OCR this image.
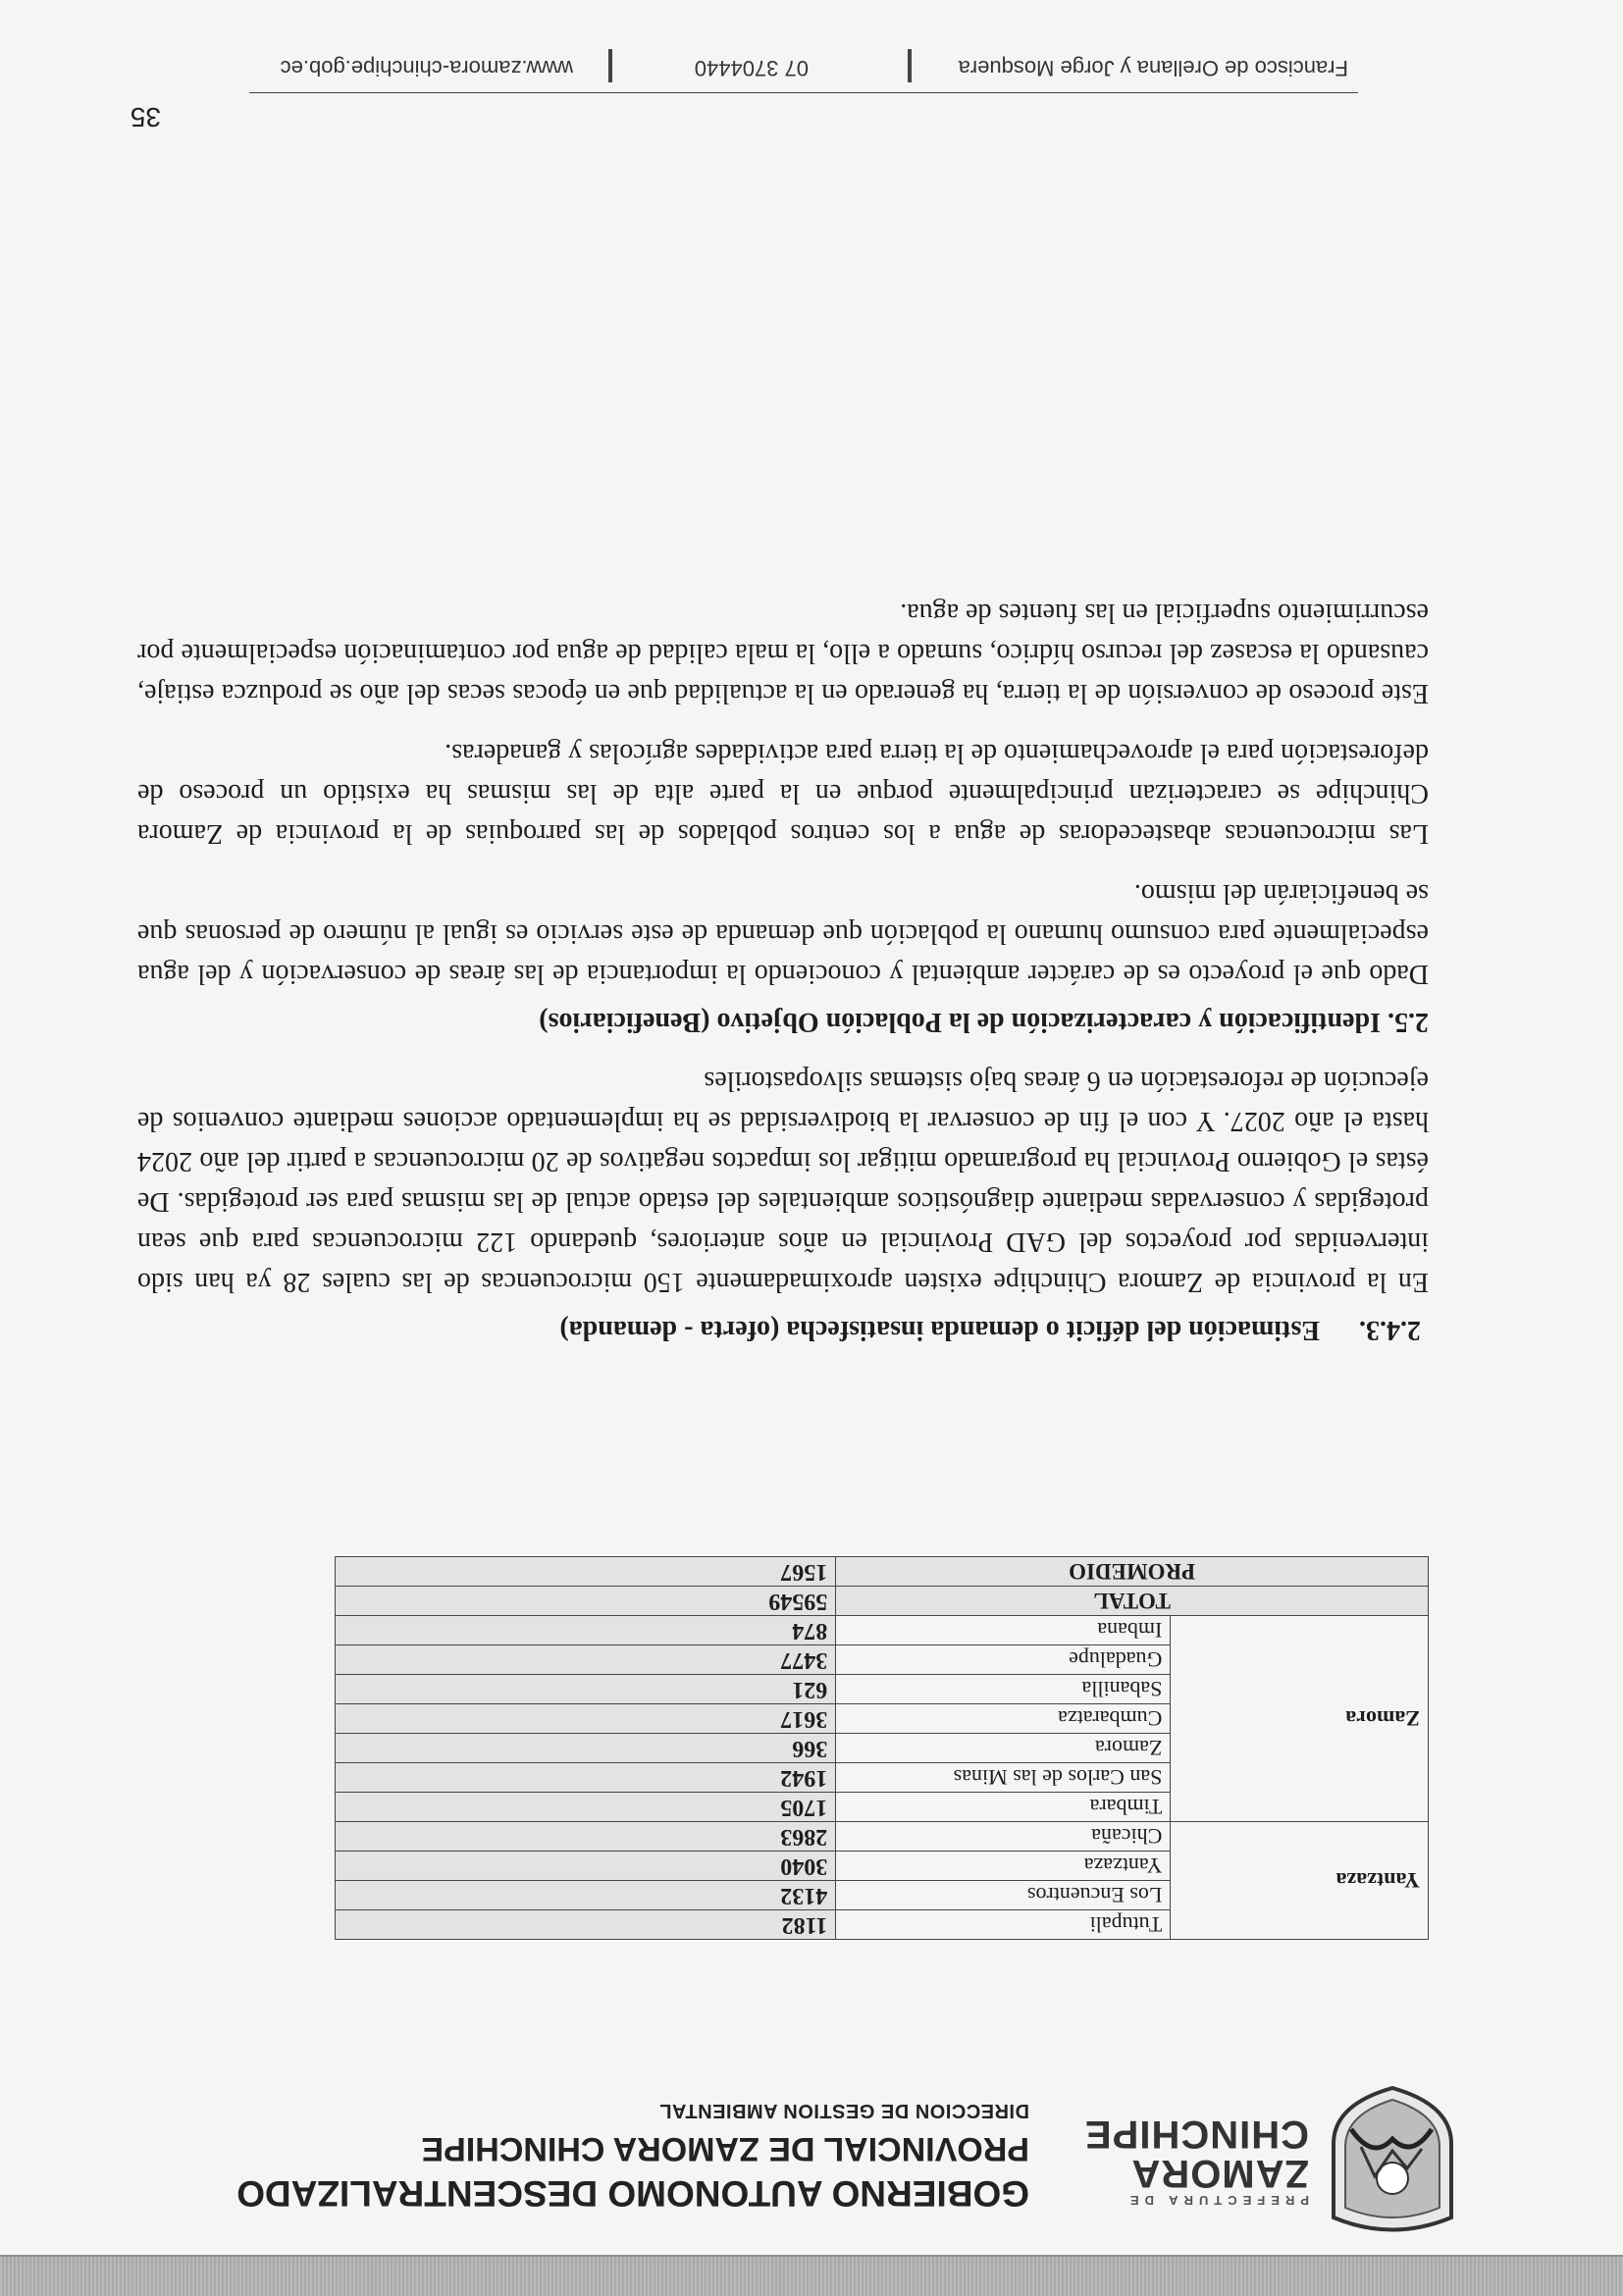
PREFECTURA DE
ZAMORA
CHINCHIPE
GOBIERNO AUTONOMO DESCENTRALIZADO
PROVINCIAL DE ZAMORA CHINCHIPE
DIRECCION DE GESTION AMBIENTAL
Yantzaza	Tutupali	1182
	Los Encuentros	4132
	Yantzaza	3040
	Chicaña	2863
Zamora	Timbara	1705
	San Carlos de las Minas	1942
	Zamora	366
	Cumbaratza	3617
	Sabanilla	621
	Guadalupe	3477
	Imbana	874
TOTAL		59549
PROMEDIO		1567
2.4.3.Estimación del déficit o demanda insatisfecha (oferta - demanda)

En la provincia de Zamora Chinchipe existen aproximadamente 150 microcuencas de las cuales 28 ya han sido intervenidas por proyectos del GAD Provincial en años anteriores, quedando 122 microcuencas para que sean protegidas y conservadas mediante diagnósticos ambientales del estado actual de las mismas para ser protegidas. De éstas el Gobierno Provincial ha programado mitigar los impactos negativos de 20 microcuencas a partir del año 2024 hasta el año 2027. Y con el fin de conservar la biodiversidad se ha implementado acciones mediante convenios de ejecución de reforestación en 6 áreas bajo sistemas silvopastoriles

2.5. Identificación y caracterización de la Población Objetivo (Beneficiarios)

Dado que el proyecto es de carácter ambiental y conociendo la importancia de las áreas de conservación y del agua especialmente para consumo humano la población que demanda de este servicio es igual al número de personas que se beneficiarán del mismo.

Las microcuencas abastecedoras de agua a los centros poblados de las parroquias de la provincia de Zamora Chinchipe se caracterizan principalmente porque en la parte alta de las mismas ha existido un proceso de deforestación para el aprovechamiento de la tierra para actividades agrícolas y ganaderas.

Este proceso de conversión de la tierra, ha generado en la actualidad que en épocas secas del año se produzca estiaje, causando la escasez del recurso hídrico, sumado a ello, la mala calidad de agua por contaminación especialmente por escurrimiento superficial en las fuentes de agua.

35
Francisco de Orellana y Jorge Mosquera
07 3704440
www.zamora-chinchipe.gob.ec
